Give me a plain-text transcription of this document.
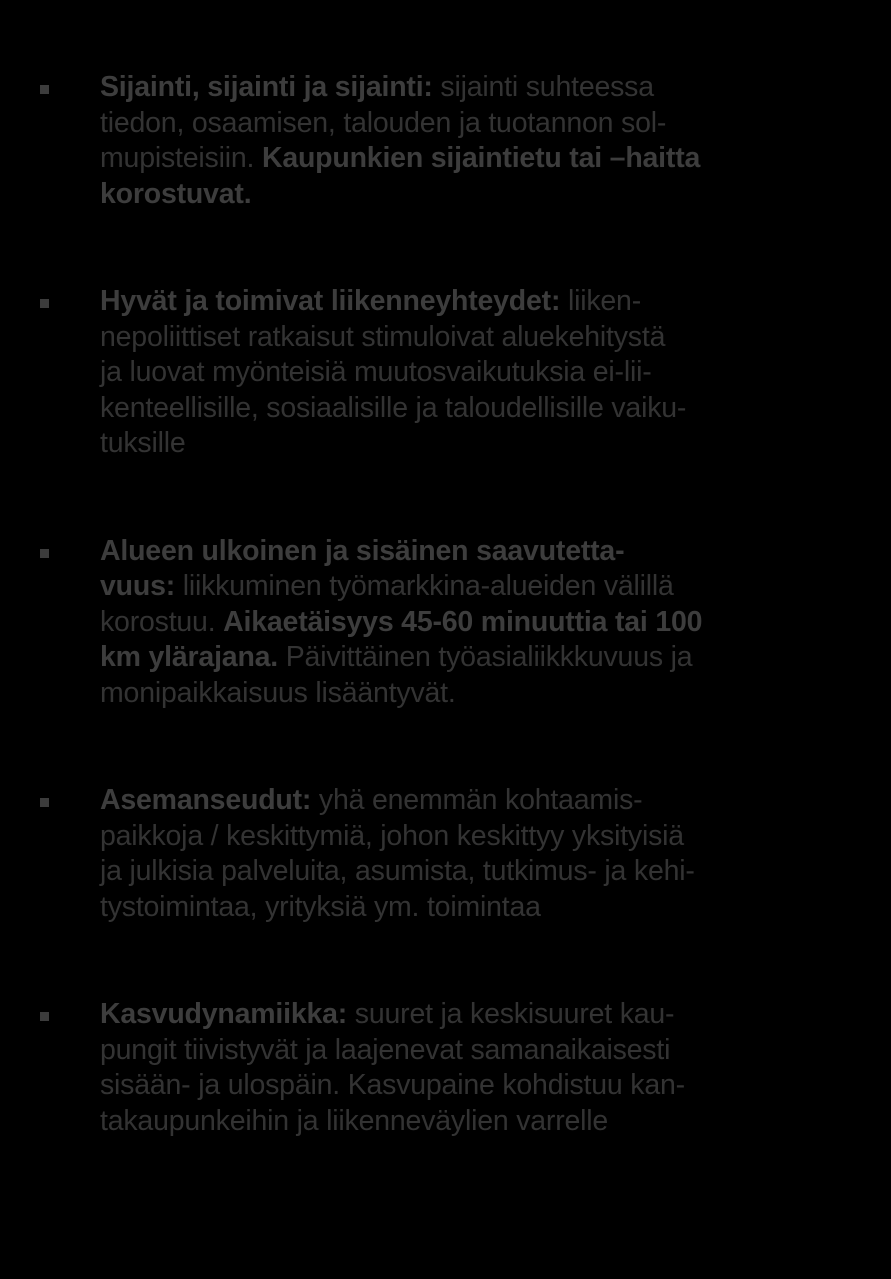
Sijainti, sijainti ja sijainti: sijainti suhteessa
tiedon, osaamisen, talouden ja tuotannon sol-
mupisteisiin. Kaupunkien sijaintietu tai –haitta
korostuvat.
Hyvät ja toimivat liikenneyhteydet: liiken-
nepoliittiset ratkaisut stimuloivat aluekehitystä
ja luovat myönteisiä muutosvaikutuksia ei-lii-
kenteellisille, sosiaalisille ja taloudellisille vaiku-
tuksille
Alueen ulkoinen ja sisäinen saavutetta-
vuus: liikkuminen työmarkkina-alueiden välillä
korostuu. Aikaetäisyys 45-60 minuuttia tai 100
km ylärajana. Päivittäinen työasialiikkkuvuus ja
monipaikkaisuus lisääntyvät.
Asemanseudut: yhä enemmän kohtaamis-
paikkoja / keskittymiä, johon keskittyy yksityisiä
ja julkisia palveluita, asumista, tutkimus- ja kehi-
tystoimintaa, yrityksiä ym. toimintaa
Kasvudynamiikka: suuret ja keskisuuret kau-
pungit tiivistyvät ja laajenevat samanaikaisesti
sisään- ja ulospäin. Kasvupaine kohdistuu kan-
takaupunkeihin ja liikenneväylien varrelle
